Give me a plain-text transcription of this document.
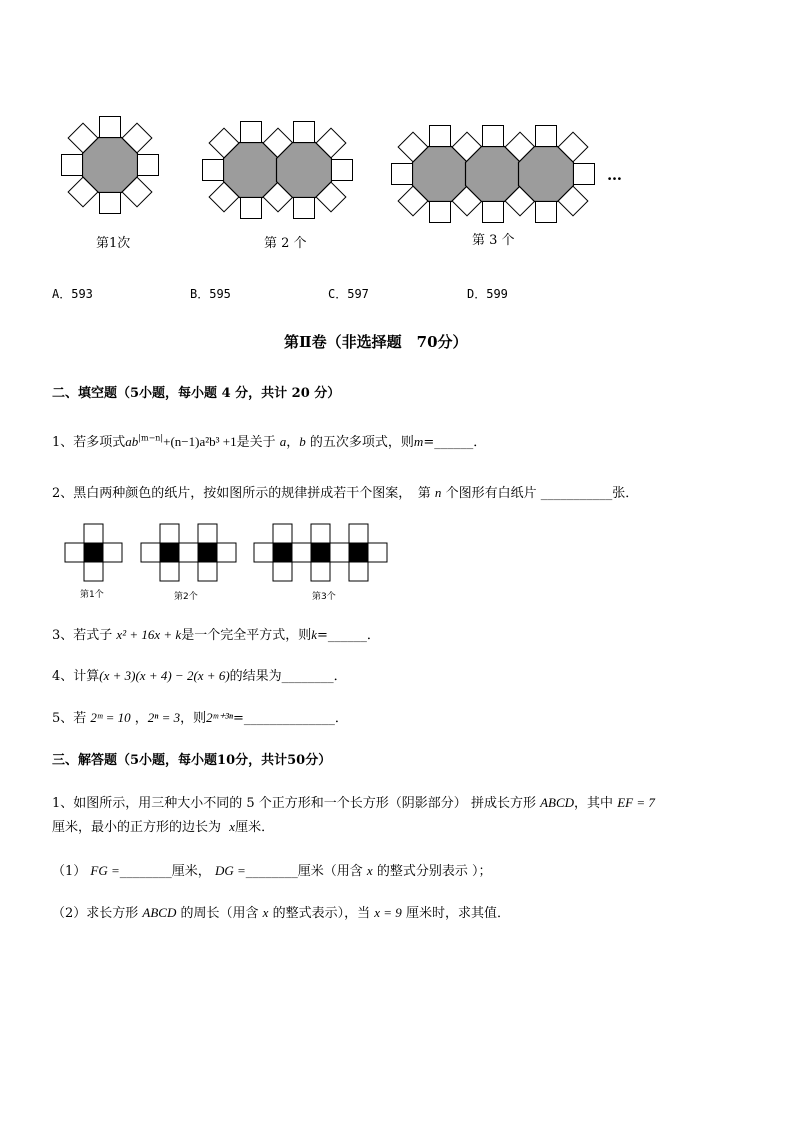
第1次	第 2 个	第 3 个
…
A．593	B．595	C．597	D．599
第Ⅱ卷（非选择题　70分）
二、填空题（5小题，每小题 4 分，共计 20 分）
1、若多项式$ab^{|m-n|}+(n-1)a^2b^3 +1$是关于 a，b 的五次多项式，则m=______．
2、黑白两种颜色的纸片，按如图所示的规律拼成若干个图案，　第 n 个图形有白纸片 ___________张．
第1个	第2个	第3个
3、若式子 x² + 16x + k是一个完全平方式，则k=______．
4、计算(x + 3)(x + 4) − 2(x + 6)的结果为________．
5、若 2ᵐ = 10 ，2ⁿ = 3，则2ᵐ⁺³ⁿ=______________．
三、解答题（5小题，每小题10分，共计50分）
1、如图所示，用三种大小不同的 5 个正方形和一个长方形（阴影部分） 拼成长方形 ABCD，其中 EF = 7
厘米，最小的正方形的边长为 x厘米．
（1） FG =________厘米， DG =________厘米（用含 x 的整式分别表示 ）；
（2）求长方形 ABCD 的周长（用含 x 的整式表示），当 x = 9 厘米时，求其值．
